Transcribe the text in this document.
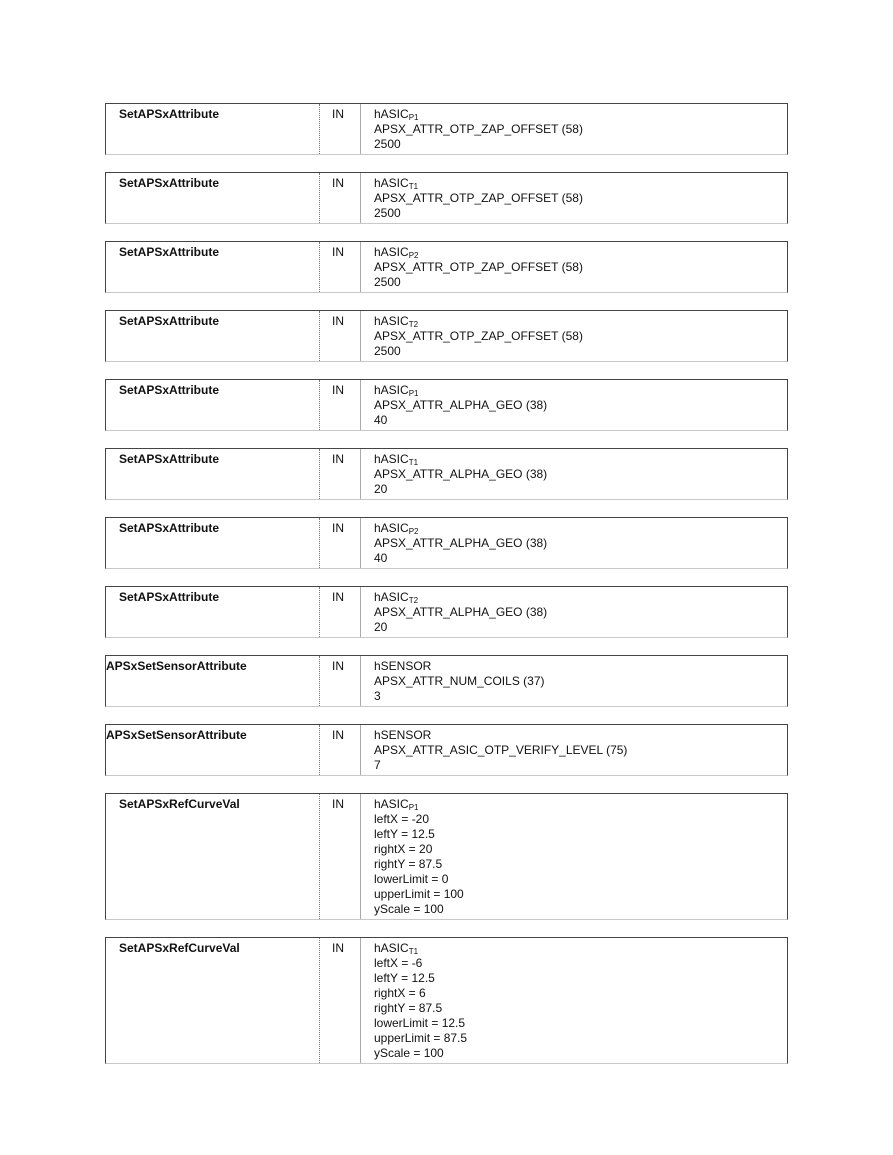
SetAPSxAttribute	IN	hASIC$_{P1}$
APSX_ATTR_OTP_ZAP_OFFSET (58)
2500
SetAPSxAttribute	IN	hASIC$_{T1}$
APSX_ATTR_OTP_ZAP_OFFSET (58)
2500
SetAPSxAttribute	IN	hASIC$_{P2}$
APSX_ATTR_OTP_ZAP_OFFSET (58)
2500
SetAPSxAttribute	IN	hASIC$_{T2}$
APSX_ATTR_OTP_ZAP_OFFSET (58)
2500
SetAPSxAttribute	IN	hASIC$_{P1}$
APSX_ATTR_ALPHA_GEO (38)
40
SetAPSxAttribute	IN	hASIC$_{T1}$
APSX_ATTR_ALPHA_GEO (38)
20
SetAPSxAttribute	IN	hASIC$_{P2}$
APSX_ATTR_ALPHA_GEO (38)
40
SetAPSxAttribute	IN	hASIC$_{T2}$
APSX_ATTR_ALPHA_GEO (38)
20
APSxSetSensorAttribute	IN	hSENSOR
APSX_ATTR_NUM_COILS (37)
3
APSxSetSensorAttribute	IN	hSENSOR
APSX_ATTR_ASIC_OTP_VERIFY_LEVEL (75)
7
SetAPSxRefCurveVal	IN	hASIC$_{P1}$
leftX = -20
leftY = 12.5
rightX = 20
rightY = 87.5
lowerLimit = 0
upperLimit = 100
yScale = 100
SetAPSxRefCurveVal	IN	hASIC$_{T1}$
leftX = -6
leftY = 12.5
rightX = 6
rightY = 87.5
lowerLimit = 12.5
upperLimit = 87.5
yScale = 100
